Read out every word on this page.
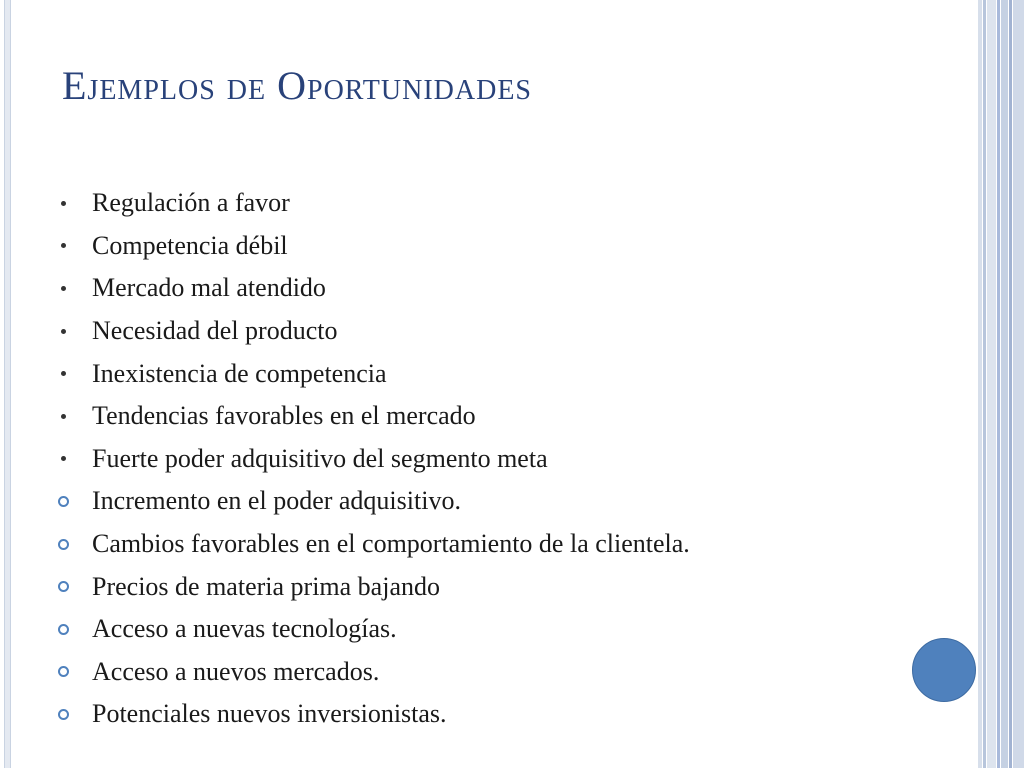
Ejemplos de Oportunidades
Regulación a favor
Competencia débil
Mercado mal atendido
Necesidad del producto
Inexistencia de competencia
Tendencias favorables en el mercado
Fuerte poder adquisitivo del segmento meta
Incremento en el poder adquisitivo.
Cambios favorables en el comportamiento de la clientela.
Precios de materia prima bajando
Acceso a nuevas tecnologías.
Acceso a nuevos mercados.
Potenciales nuevos inversionistas.
